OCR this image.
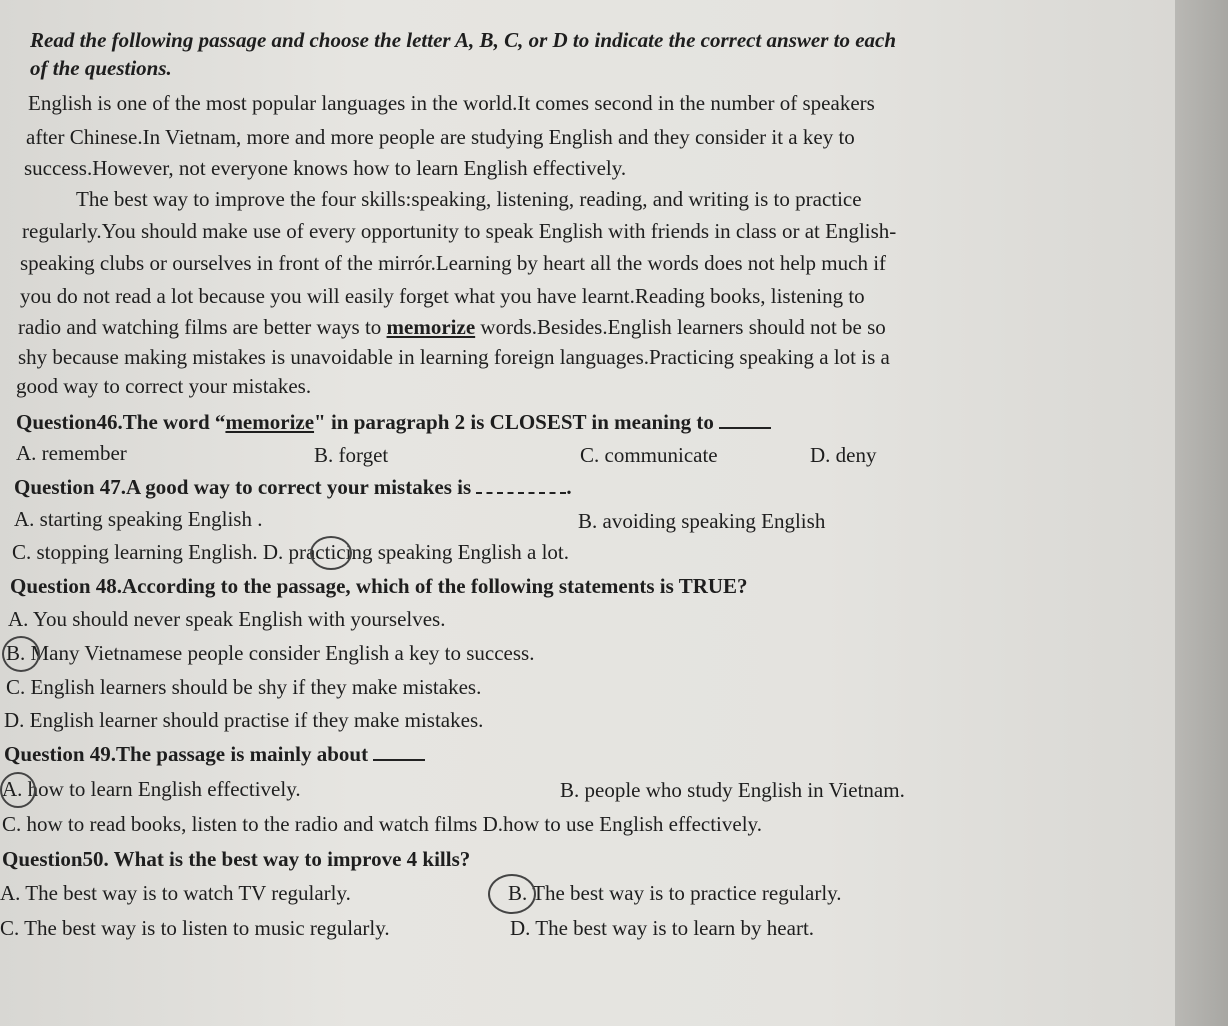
Read the following passage and choose the letter A, B, C, or D to indicate the correct answer to each
of the questions.
English is one of the most popular languages in the world.It comes second in the number of speakers
after Chinese.In Vietnam, more and more people are studying English and they consider it a key to
success.However, not everyone knows how to learn English effectively.
The best way to improve the four skills:speaking, listening, reading, and writing is to practice
regularly.You should make use of every opportunity to speak English with friends in class or at English-
speaking clubs or ourselves in front of the mirrór.Learning by heart all the words does not help much if
you do not read a lot because you will easily forget what you have learnt.Reading books, listening to
radio and watching films are better ways to memorize words.Besides.English learners should not be so
shy because making mistakes is unavoidable in learning foreign languages.Practicing speaking a lot is a
good way to correct your mistakes.
Question46.The word “memorize" in paragraph 2 is CLOSEST in meaning to
A. remember	B. forget	C. communicate	D. deny
Question 47.A good way to correct your mistakes is	.
A. starting speaking English .	B. avoiding speaking English
C. stopping learning English. D. practicing speaking English a lot.
Question 48.According to the passage, which of the following statements is TRUE?
A. You should never speak English with yourselves.
B. Many Vietnamese people consider English a key to success.
C. English learners should be shy if they make mistakes.
D. English learner should practise if they make mistakes.
Question 49.The passage is mainly about
A. how to learn English effectively.	B. people who study English in Vietnam.
C. how to read books, listen to the radio and watch films D.how to use English effectively.
Question50. What is the best way to improve 4 kills?
A. The best way is to watch TV regularly.	B. The best way is to practice regularly.
C. The best way is to listen to music regularly.	D. The best way is to learn by heart.
